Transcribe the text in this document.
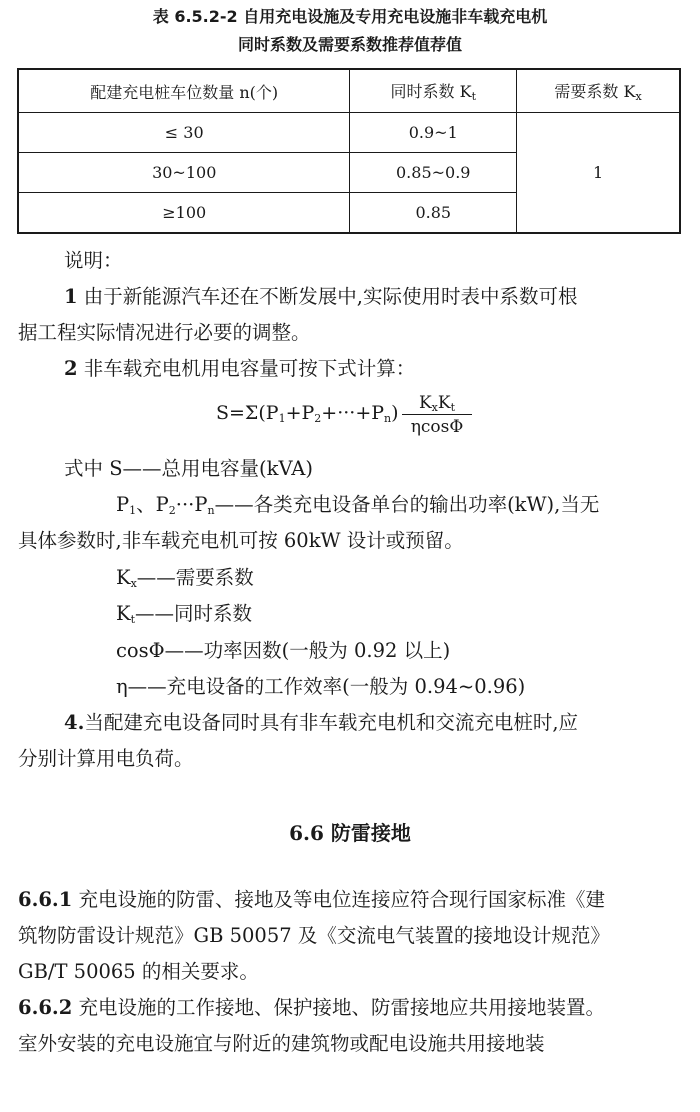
表 6.5.2-2 自用充电设施及专用充电设施非车载充电机
同时系数及需要系数推荐值荐值
配建充电桩车位数量 n(个)	同时系数 $K_t$	需要系数 $K_x$
≤ 30	0.9~1	1
30~100	0.85~0.9	
≥100	0.85	
说明：
1 由于新能源汽车还在不断发展中,实际使用时表中系数可根
据工程实际情况进行必要的调整。
2 非车载充电机用电容量可按下式计算：
$S=\Sigma(P_1+P_2+\cdot\cdot\cdot+P_n)$	$K_xK_t$
ηcosΦ
式中 S——总用电容量(kVA)
$P_1$、$P_2\cdot\cdot\cdot P_n——$各类充电设备单台的输出功率(kW),当无
具体参数时,非车载充电机可按 60kW 设计或预留。
$K_x——$需要系数
$K_t——$同时系数
cosΦ——功率因数(一般为 0.92 以上)
η——充电设备的工作效率(一般为 0.94~0.96)
4.当配建充电设备同时具有非车载充电机和交流充电桩时,应
分别计算用电负荷。
6.6 防雷接地
6.6.1 充电设施的防雷、接地及等电位连接应符合现行国家标准《建
筑物防雷设计规范》GB 50057 及《交流电气装置的接地设计规范》
GB/T 50065 的相关要求。
6.6.2 充电设施的工作接地、保护接地、防雷接地应共用接地装置。
室外安装的充电设施宜与附近的建筑物或配电设施共用接地装
